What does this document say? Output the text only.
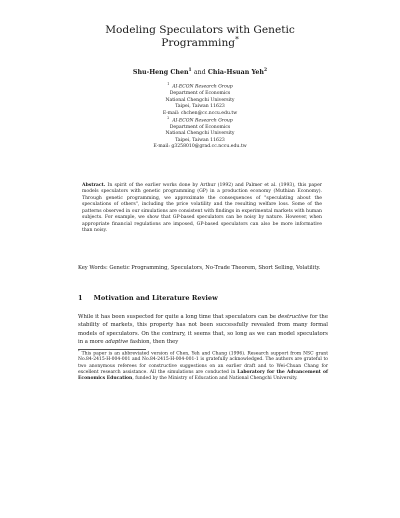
Modeling Speculators with Genetic
Programming*
Shu-Heng Chen$^1$ and Chia-Hsuan Yeh$^2$
$^1$  AI-ECON Research Group
Department of Economics
National Chengchi University
Taipei, Taiwan 11623
E-mail: chchen@cc.nccu.edu.tw
$^2$  AI-ECON Research Group
Department of Economics
National Chengchi University
Taipei, Taiwan 11623
E-mail: g3258010@grad.cc.nccu.edu.tw
Abstract. In spirit of the earlier works done by Arthur (1992) and Palmer et al. (1993), this paper models speculators with genetic programming (GP) in a production economy (Muthian Economy). Through genetic programming, we approximate the consequences of "speculating about the speculations of others", including the price volatility and the resulting welfare loss. Some of the patterns observed in our simulations are consistent with findings in experimental markets with human subjects. For example, we show that GP-based speculators can be noisy by nature. However, when appropriate financial regulations are imposed, GP-based speculators can also be more informative than noisy.
Key Words: Genetic Programming, Speculators, No-Trade Theorem, Short Selling, Volatility.
1 Motivation and Literature Review
While it has been suspected for quite a long time that speculators can be destructive for the stability of markets, this property has not been successfully revealed from many formal models of speculators. On the contrary, it seems that, so long as we can model speculators in a more adaptive fashion, then they
* This paper is an abbreviated version of Chen, Yeh and Chang (1996). Research support from NSC grant No.84-2415-H-004-001 and No.84-2415-H-004-001-1 is gratefully acknowledged. The authors are grateful to two anonymous referees for constructive suggestions on an earlier draft and to Wei-Chuan Chang for excellent research assistance. All the simulations are conducted in Laboratory for the Advancement of Economics Education, funded by the Ministry of Education and National Chengchi University.
